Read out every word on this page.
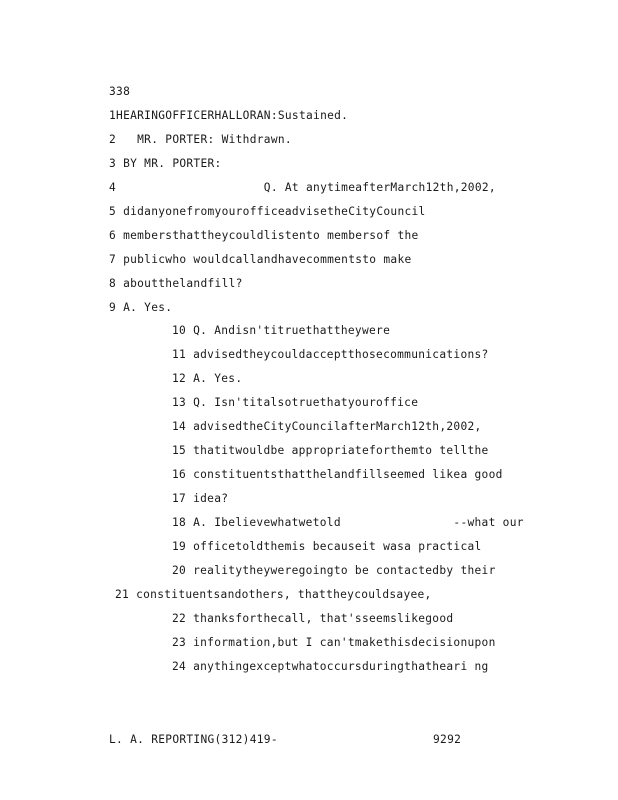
338
1HEARINGOFFICERHALLORAN:Sustained.
2   MR. PORTER: Withdrawn.
3 BY MR. PORTER:
4                     Q. At anytimeafterMarch12th,2002,
5 didanyonefromyourofficeadvisetheCityCouncil
6 membersthattheycouldlistento membersof the
7 publicwho wouldcallandhavecommentsto make
8 aboutthelandfill?
9 A. Yes.
10 Q. Andisn'titruethattheywere
11 advisedtheycouldacceptthosecommunications?
12 A. Yes.
13 Q. Isn'titalsotruethatyouroffice
14 advisedtheCityCouncilafterMarch12th,2002,
15 thatitwouldbe appropriateforthemto tellthe
16 constituentsthatthelandfillseemed likea good
17 idea?
18 A. Ibelievewhatwetold                --what our
19 officetoldthemis becauseit wasa practical
20 realitytheyweregoingto be contactedby their
21 constituentsandothers, thattheycouldsayee,
22 thanksforthecall, that'sseemslikegood
23 information,but I can'tmakethisdecisionupon
24 anythingexceptwhatoccursduringthatheari ng
L. A. REPORTING(312)419-	9292
